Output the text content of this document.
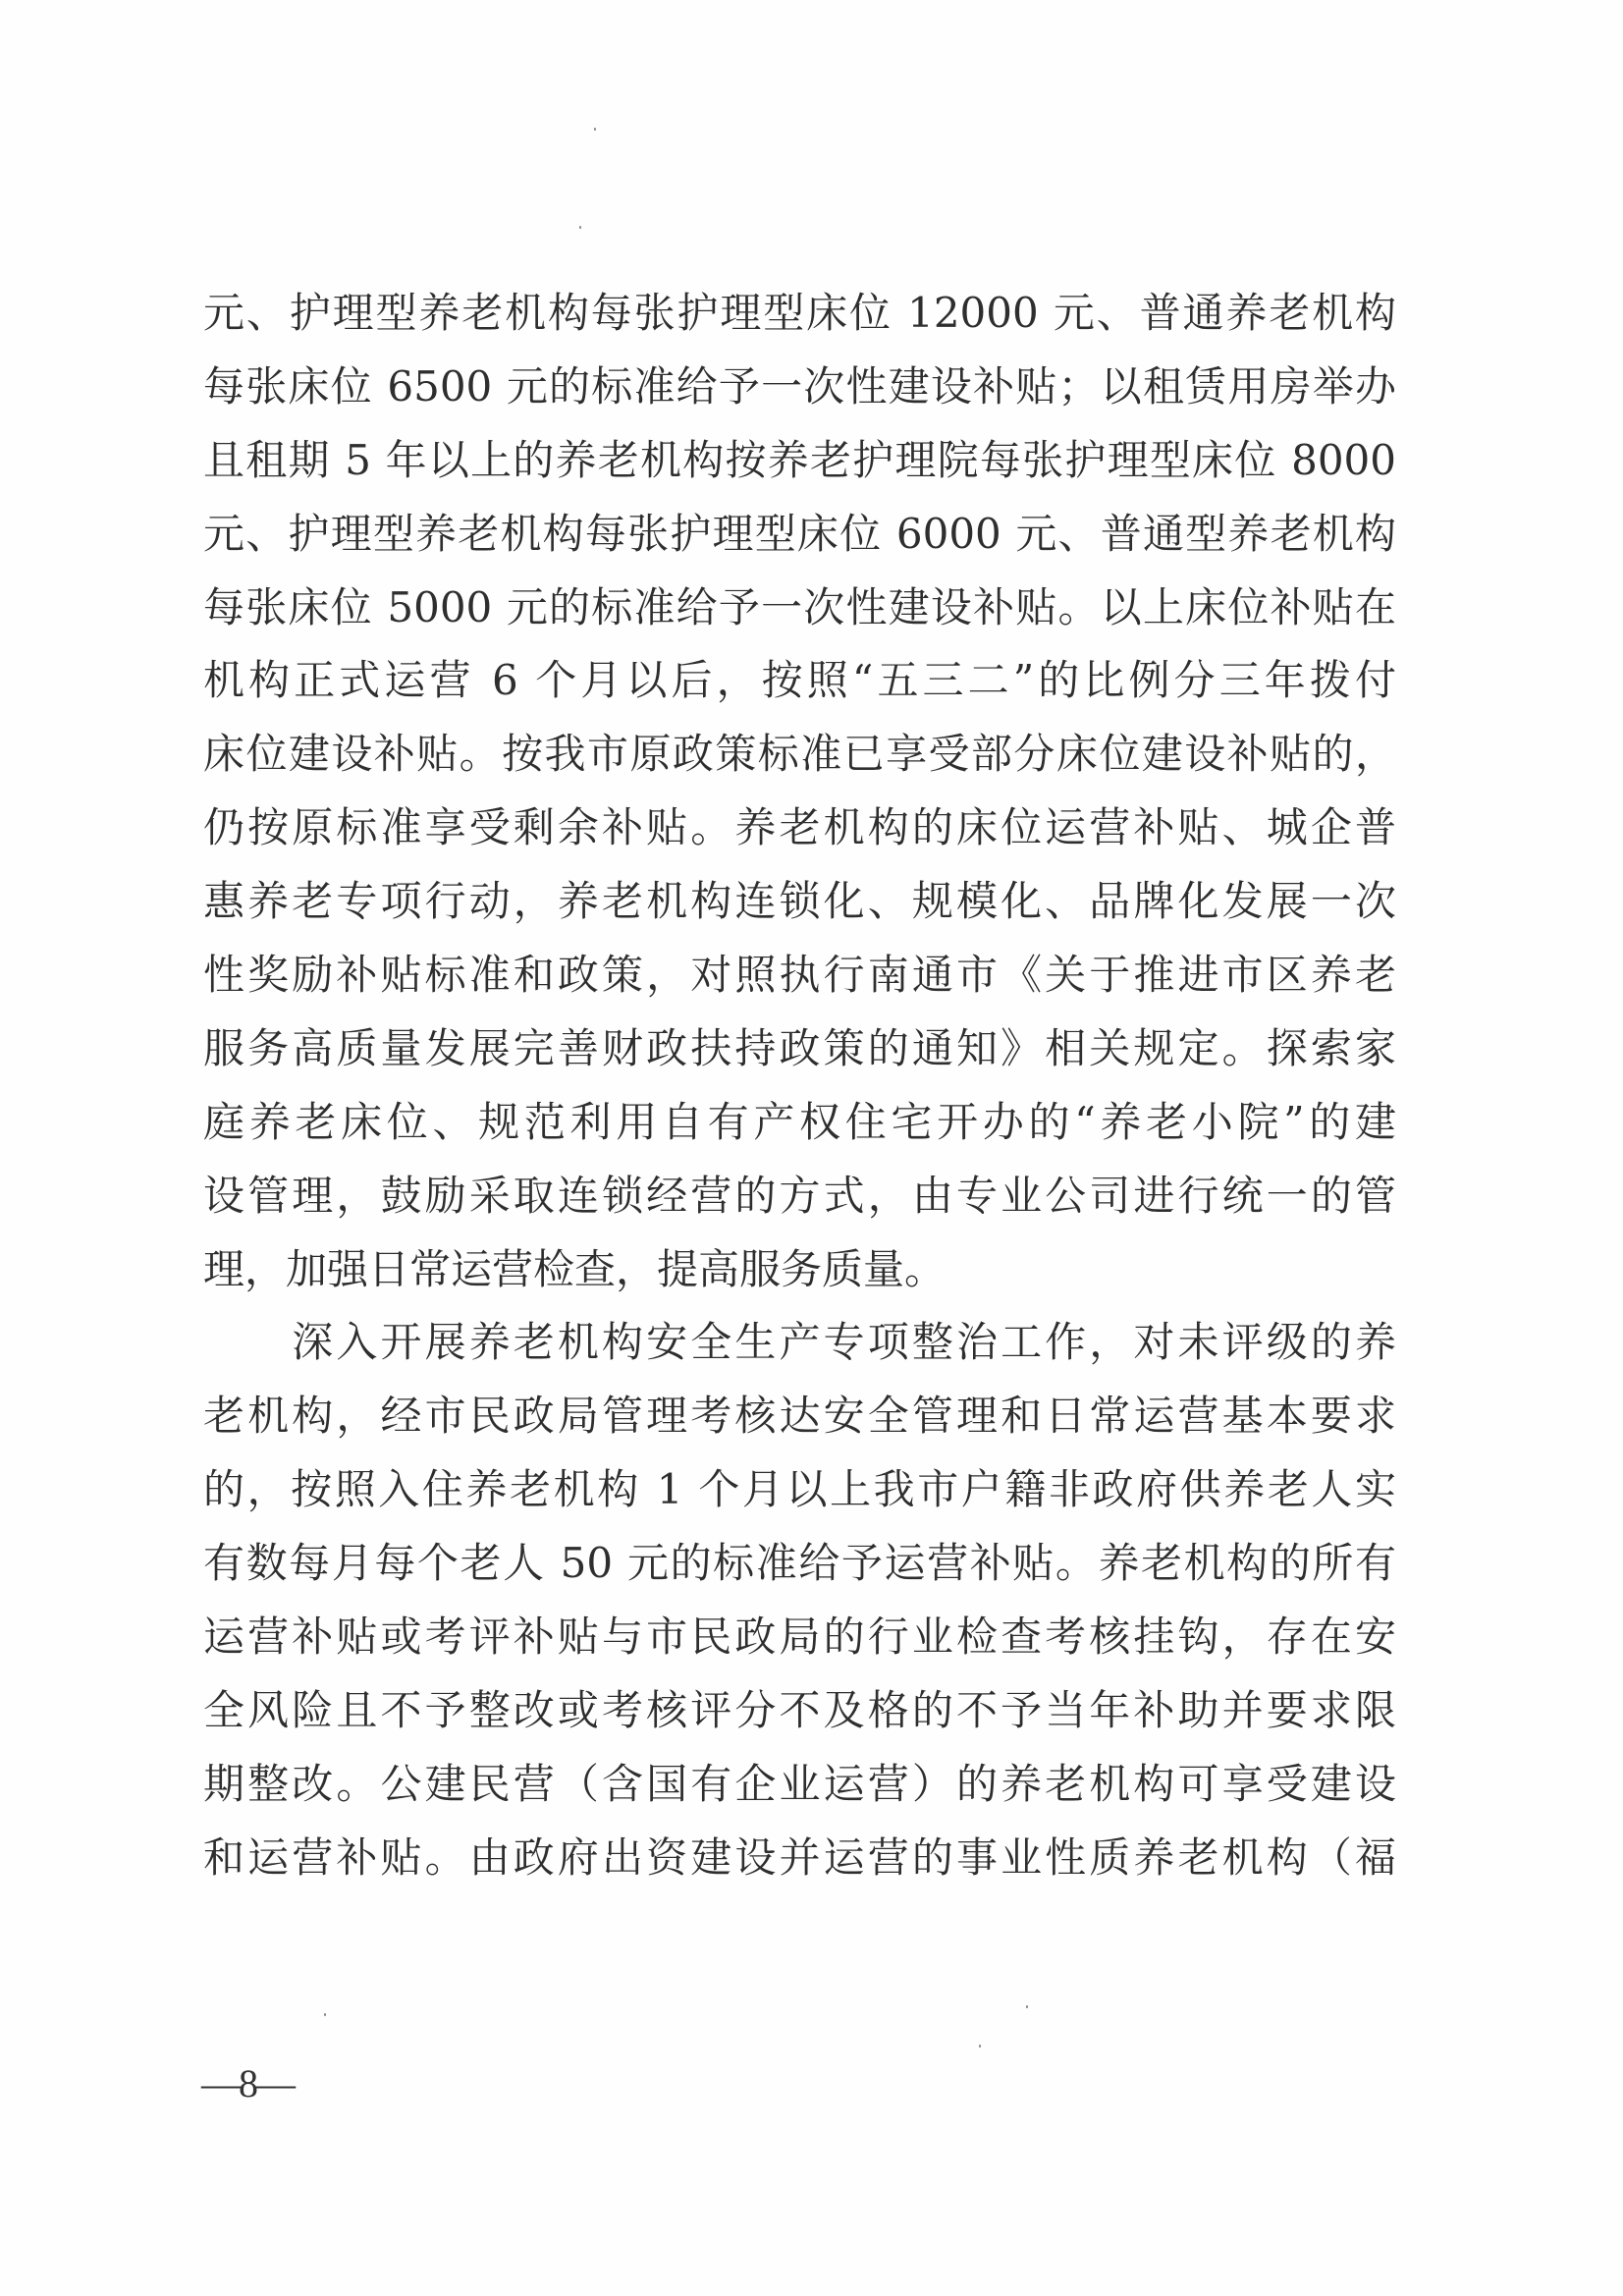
元、护理型养老机构每张护理型床位 12000 元、普通养老机构
每张床位 6500 元的标准给予一次性建设补贴；以租赁用房举办
且租期 5 年以上的养老机构按养老护理院每张护理型床位 8000
元、护理型养老机构每张护理型床位 6000 元、普通型养老机构
每张床位 5000 元的标准给予一次性建设补贴。以上床位补贴在
机构正式运营 6 个月以后，按照“五三二”的比例分三年拨付
床位建设补贴。按我市原政策标准已享受部分床位建设补贴的，
仍按原标准享受剩余补贴。养老机构的床位运营补贴、城企普
惠养老专项行动，养老机构连锁化、规模化、品牌化发展一次
性奖励补贴标准和政策，对照执行南通市《关于推进市区养老
服务高质量发展完善财政扶持政策的通知》相关规定。探索家
庭养老床位、规范利用自有产权住宅开办的“养老小院”的建
设管理，鼓励采取连锁经营的方式，由专业公司进行统一的管
理，加强日常运营检查，提高服务质量。
　　深入开展养老机构安全生产专项整治工作，对未评级的养
老机构，经市民政局管理考核达安全管理和日常运营基本要求
的，按照入住养老机构 1 个月以上我市户籍非政府供养老人实
有数每月每个老人 50 元的标准给予运营补贴。养老机构的所有
运营补贴或考评补贴与市民政局的行业检查考核挂钩，存在安
全风险且不予整改或考核评分不及格的不予当年补助并要求限
期整改。公建民营（含国有企业运营）的养老机构可享受建设
和运营补贴。由政府出资建设并运营的事业性质养老机构（福
—8—
